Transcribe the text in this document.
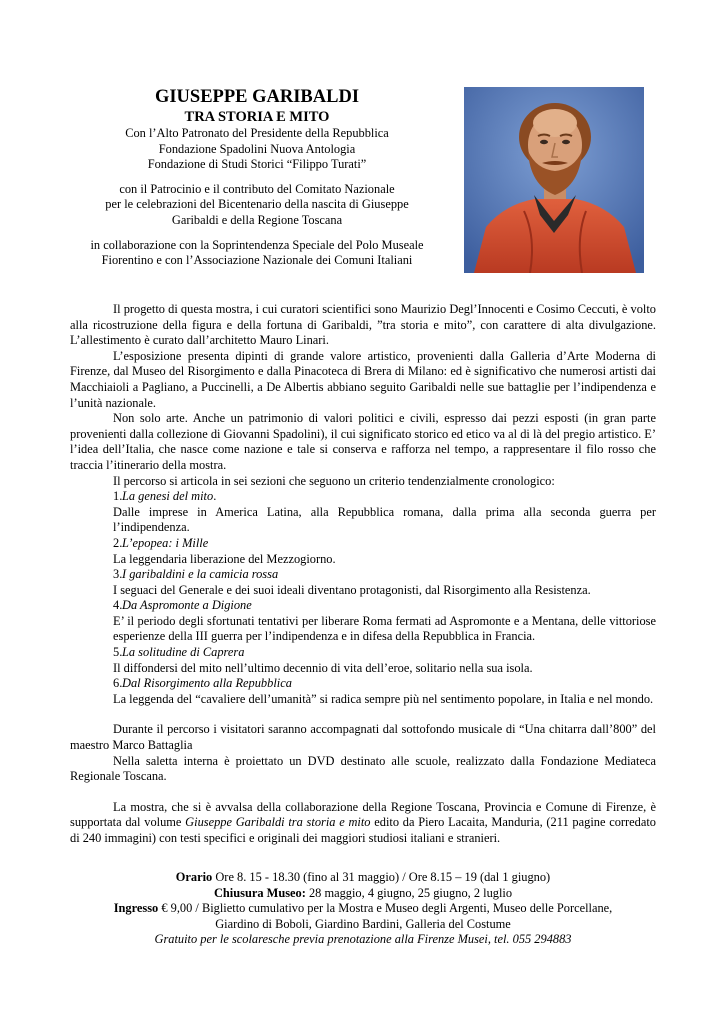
GIUSEPPE GARIBALDI

TRA STORIA E MITO

Con l’Alto Patronato del Presidente della Repubblica

Fondazione Spadolini Nuova Antologia

Fondazione di Studi Storici “Filippo Turati”

con il Patrocinio e il contributo del Comitato Nazionale

per le celebrazioni del Bicentenario della nascita di Giuseppe

Garibaldi e della Regione Toscana

in collaborazione con la Soprintendenza Speciale del Polo Museale

Fiorentino e con l’Associazione Nazionale dei Comuni Italiani

Il progetto di questa mostra, i cui curatori scientifici sono Maurizio Degl’Innocenti e Cosimo Ceccuti, è volto alla ricostruzione della figura e della fortuna di Garibaldi, ”tra storia e mito”, con carattere di alta divulgazione. L’allestimento è curato dall’architetto Mauro Linari.

L’esposizione presenta dipinti di grande valore artistico, provenienti dalla Galleria d’Arte Moderna di Firenze, dal Museo del Risorgimento e dalla Pinacoteca di Brera di Milano: ed è significativo che numerosi artisti dai Macchiaioli a Pagliano, a Puccinelli, a De Albertis abbiano seguito Garibaldi nelle sue battaglie per l’indipendenza e l’unità nazionale.

Non solo arte. Anche un patrimonio di valori politici e civili, espresso dai pezzi esposti (in gran parte provenienti dalla collezione di Giovanni Spadolini), il cui significato storico ed etico va al di là del pregio artistico. E’ l’idea dell’Italia, che nasce come nazione e tale si conserva e rafforza nel tempo, a rappresentare il filo rosso che traccia l’itinerario della mostra.

Il percorso si articola in sei sezioni che seguono un criterio tendenzialmente cronologico:

1.La genesi del mito.

Dalle imprese in America Latina, alla Repubblica romana, dalla prima alla seconda guerra per l’indipendenza.

2.L’epopea: i Mille

La leggendaria liberazione del Mezzogiorno.

3.I garibaldini e la camicia rossa

I seguaci del Generale e dei suoi ideali diventano protagonisti, dal Risorgimento alla Resistenza.

4.Da Aspromonte a Digione

E’ il periodo degli sfortunati tentativi per liberare Roma fermati ad Aspromonte e a Mentana, delle vittoriose esperienze della III guerra per l’indipendenza e in difesa della Repubblica in Francia.

5.La solitudine di Caprera

Il diffondersi del mito nell’ultimo decennio di vita dell’eroe, solitario nella sua isola.

6.Dal Risorgimento alla Repubblica

La leggenda del “cavaliere dell’umanità” si radica sempre più nel sentimento popolare, in Italia e nel mondo.

Durante il percorso i visitatori saranno accompagnati dal sottofondo musicale di “Una chitarra dall’800” del maestro Marco Battaglia

Nella saletta interna è proiettato un DVD destinato alle scuole, realizzato dalla Fondazione Mediateca Regionale Toscana.

La mostra, che si è avvalsa della collaborazione della Regione Toscana, Provincia e Comune di Firenze, è supportata dal volume Giuseppe Garibaldi tra storia e mito edito da Piero Lacaita, Manduria, (211 pagine corredato di 240 immagini) con testi specifici e originali dei maggiori studiosi italiani e stranieri.

Orario Ore 8. 15 - 18.30 (fino al 31 maggio) / Ore 8.15 – 19 (dal 1 giugno)

Chiusura Museo: 28 maggio, 4 giugno, 25 giugno, 2 luglio

Ingresso € 9,00 / Biglietto cumulativo per la Mostra e Museo degli Argenti, Museo delle Porcellane,

Giardino di Boboli, Giardino Bardini, Galleria del Costume

Gratuito per le scolaresche previa prenotazione alla Firenze Musei, tel. 055 294883
